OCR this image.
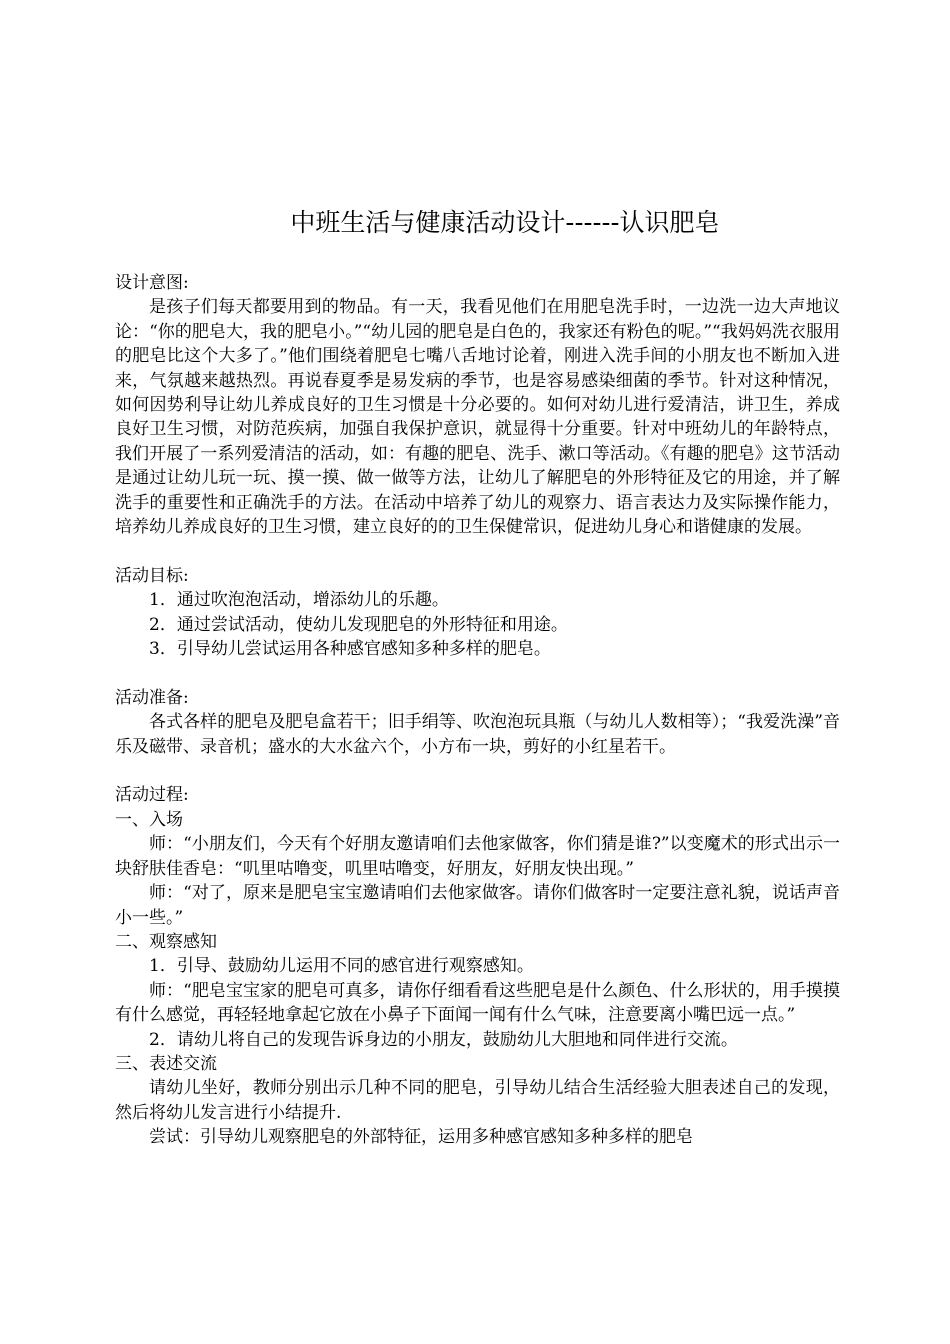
中班生活与健康活动设计------认识肥皂

设计意图:

是孩子们每天都要用到的物品。有一天，我看见他们在用肥皂洗手时，一边洗一边大声地议论：“你的肥皂大，我的肥皂小。”“幼儿园的肥皂是白色的，我家还有粉色的呢。”“我妈妈洗衣服用的肥皂比这个大多了。”他们围绕着肥皂七嘴八舌地讨论着，刚进入洗手间的小朋友也不断加入进来，气氛越来越热烈。再说春夏季是易发病的季节，也是容易感染细菌的季节。针对这种情况，如何因势利导让幼儿养成良好的卫生习惯是十分必要的。如何对幼儿进行爱清洁，讲卫生，养成良好卫生习惯，对防范疾病，加强自我保护意识，就显得十分重要。针对中班幼儿的年龄特点，我们开展了一系列爱清洁的活动，如：有趣的肥皂、洗手、漱口等活动。《有趣的肥皂》这节活动是通过让幼儿玩一玩、摸一摸、做一做等方法，让幼儿了解肥皂的外形特征及它的用途，并了解洗手的重要性和正确洗手的方法。在活动中培养了幼儿的观察力、语言表达力及实际操作能力，培养幼儿养成良好的卫生习惯，建立良好的的卫生保健常识，促进幼儿身心和谐健康的发展。

活动目标:

1．通过吹泡泡活动，增添幼儿的乐趣。

2．通过尝试活动，使幼儿发现肥皂的外形特征和用途。

3．引导幼儿尝试运用各种感官感知多种多样的肥皂。

活动准备:

各式各样的肥皂及肥皂盒若干；旧手绢等、吹泡泡玩具瓶（与幼儿人数相等）；“我爱洗澡”音乐及磁带、录音机；盛水的大水盆六个，小方布一块，剪好的小红星若干。

活动过程:

一、入场

师：“小朋友们，今天有个好朋友邀请咱们去他家做客，你们猜是谁?”以变魔术的形式出示一块舒肤佳香皂：“叽里咕噜变，叽里咕噜变，好朋友，好朋友快出现。”

师：“对了，原来是肥皂宝宝邀请咱们去他家做客。请你们做客时一定要注意礼貌，说话声音小一些。”

二、观察感知

1．引导、鼓励幼儿运用不同的感官进行观察感知。

师：“肥皂宝宝家的肥皂可真多，请你仔细看看这些肥皂是什么颜色、什么形状的，用手摸摸有什么感觉，再轻轻地拿起它放在小鼻子下面闻一闻有什么气味，注意要离小嘴巴远一点。”

2．请幼儿将自己的发现告诉身边的小朋友，鼓励幼儿大胆地和同伴进行交流。

三、表述交流

请幼儿坐好，教师分别出示几种不同的肥皂，引导幼儿结合生活经验大胆表述自己的发现，然后将幼儿发言进行小结提升.

尝试：引导幼儿观察肥皂的外部特征，运用多种感官感知多种多样的肥皂
